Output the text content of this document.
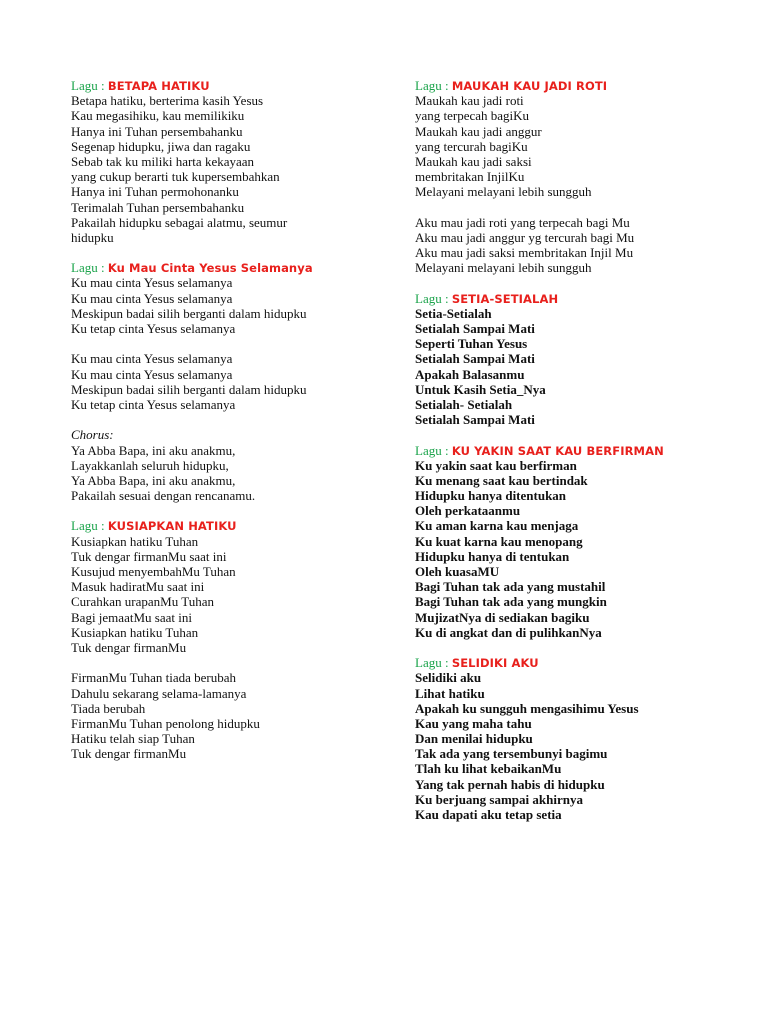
Lagu : BETAPA HATIKU
Betapa hatiku, berterima kasih Yesus
Kau megasihiku, kau memilikiku
Hanya ini Tuhan persembahanku
Segenap hidupku, jiwa dan ragaku
Sebab tak ku miliki harta kekayaan
yang cukup berarti tuk kupersembahkan
Hanya ini Tuhan permohonanku
Terimalah Tuhan persembahanku
Pakailah hidupku sebagai alatmu, seumur
hidupku
Lagu : Ku Mau Cinta Yesus Selamanya
Ku mau cinta Yesus selamanya
Ku mau cinta Yesus selamanya
Meskipun badai silih berganti dalam hidupku
Ku tetap cinta Yesus selamanya
Ku mau cinta Yesus selamanya
Ku mau cinta Yesus selamanya
Meskipun badai silih berganti dalam hidupku
Ku tetap cinta Yesus selamanya
Chorus:
Ya Abba Bapa, ini aku anakmu,
Layakkanlah seluruh hidupku,
Ya Abba Bapa, ini aku anakmu,
Pakailah sesuai dengan rencanamu.
Lagu : KUSIAPKAN HATIKU
Kusiapkan hatiku Tuhan
Tuk dengar firmanMu saat ini
Kusujud menyembahMu Tuhan
Masuk hadiratMu saat ini
Curahkan urapanMu Tuhan
Bagi jemaatMu saat ini
Kusiapkan hatiku Tuhan
Tuk dengar firmanMu
FirmanMu Tuhan tiada berubah
Dahulu sekarang selama-lamanya
Tiada berubah
FirmanMu Tuhan penolong hidupku
Hatiku telah siap Tuhan
Tuk dengar firmanMu
Lagu : MAUKAH KAU JADI ROTI
Maukah kau jadi roti
yang terpecah bagiKu
Maukah kau jadi anggur
yang tercurah bagiKu
Maukah kau jadi saksi
membritakan InjilKu
Melayani melayani lebih sungguh
Aku mau jadi roti yang terpecah bagi Mu
Aku mau jadi anggur yg tercurah bagi Mu
Aku mau jadi saksi membritakan Injil Mu
Melayani melayani lebih sungguh
Lagu : SETIA-SETIALAH
Setia-Setialah
Setialah Sampai Mati
Seperti Tuhan Yesus
Setialah Sampai Mati
Apakah Balasanmu
Untuk Kasih Setia_Nya
Setialah- Setialah
Setialah Sampai Mati
Lagu : KU YAKIN SAAT KAU BERFIRMAN
Ku yakin saat kau berfirman
Ku menang saat kau bertindak
Hidupku hanya ditentukan
Oleh perkataanmu
Ku aman karna kau menjaga
Ku kuat karna kau menopang
Hidupku hanya di tentukan
Oleh kuasaMU
Bagi Tuhan tak ada yang mustahil
Bagi Tuhan tak ada yang mungkin
MujizatNya di sediakan bagiku
Ku di angkat dan di pulihkanNya
Lagu : SELIDIKI AKU
Selidiki aku
Lihat hatiku
Apakah ku sungguh mengasihimu Yesus
Kau yang maha tahu
Dan menilai hidupku
Tak ada yang tersembunyi bagimu
Tlah ku lihat kebaikanMu
Yang tak pernah habis di hidupku
Ku berjuang sampai akhirnya
Kau dapati aku tetap setia
